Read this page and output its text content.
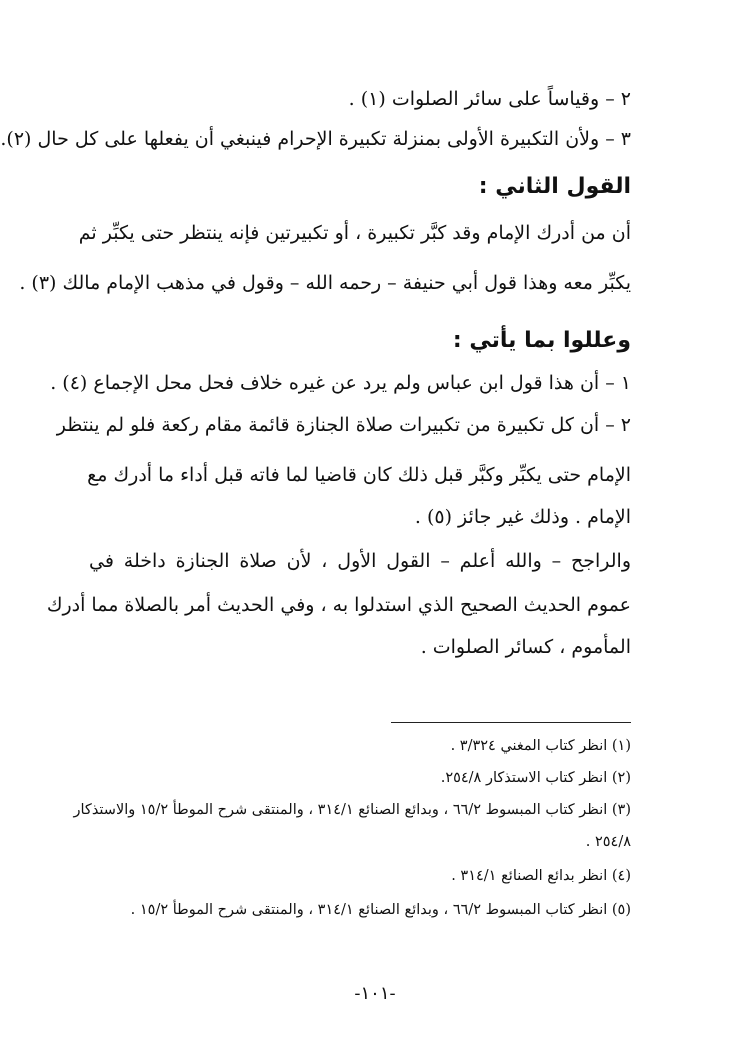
٢ – وقياساً على سائر الصلوات (١) .
٣ – ولأن التكبيرة الأولى بمنزلة تكبيرة الإحرام فينبغي أن يفعلها على كل حال (٢).
القول الثاني :
أن من أدرك الإمام وقد كبَّر تكبيرة ، أو تكبيرتين فإنه ينتظر حتى يكبِّر ثم
يكبِّر معه وهذا قول أبي حنيفة – رحمه الله – وقول في مذهب الإمام مالك (٣) .
وعللوا بما يأتي :
١ – أن هذا قول ابن عباس ولم يرد عن غيره خلاف فحل محل الإجماع (٤) .
٢ – أن كل تكبيرة من تكبيرات صلاة الجنازة قائمة مقام ركعة فلو لم ينتظر
الإمام حتى يكبِّر وكبَّر قبل ذلك كان قاضيا لما فاته قبل أداء ما أدرك مع
الإمام . وذلك غير جائز (٥) .
والراجح – والله أعلم – القول الأول ، لأن صلاة الجنازة داخلة في
عموم الحديث الصحيح الذي استدلوا به ، وفي الحديث أمر بالصلاة مما أدرك
المأموم ، كسائر الصلوات .
(١) انظر كتاب المغني ٣/٣٢٤ .
(٢) انظر كتاب الاستذكار ٢٥٤/٨.
(٣) انظر كتاب المبسوط ٦٦/٢ ، وبدائع الصنائع ٣١٤/١ ، والمنتقى شرح الموطأ ١٥/٢ والاستذكار
٢٥٤/٨ .
(٤) انظر بدائع الصنائع ٣١٤/١ .
(٥) انظر كتاب المبسوط ٦٦/٢ ، وبدائع الصنائع ٣١٤/١ ، والمنتقى شرح الموطأ ١٥/٢ .
-١٠١-
